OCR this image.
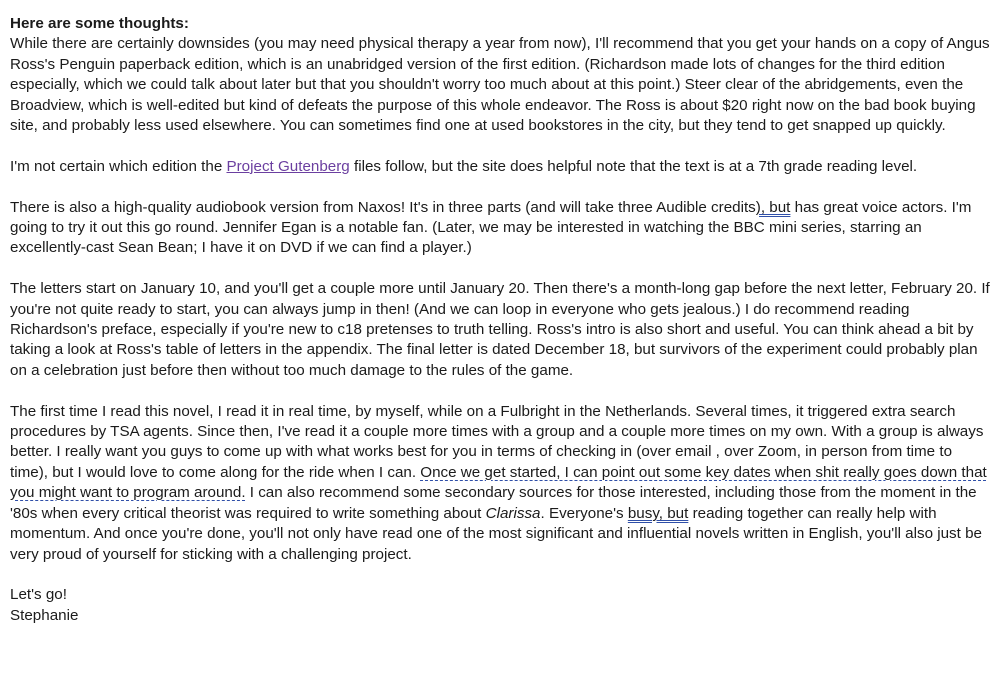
Here are some thoughts:
While there are certainly downsides (you may need physical therapy a year from now), I'll recommend that you get your hands on a copy of Angus Ross's Penguin paperback edition, which is an unabridged version of the first edition. (Richardson made lots of changes for the third edition especially, which we could talk about later but that you shouldn't worry too much about at this point.) Steer clear of the abridgements, even the Broadview, which is well-edited but kind of defeats the purpose of this whole endeavor. The Ross is about $20 right now on the bad book buying site, and probably less used elsewhere. You can sometimes find one at used bookstores in the city, but they tend to get snapped up quickly.

I'm not certain which edition the Project Gutenberg files follow, but the site does helpful note that the text is at a 7th grade reading level.

There is also a high-quality audiobook version from Naxos! It's in three parts (and will take three Audible credits), but has great voice actors. I'm going to try it out this go round. Jennifer Egan is a notable fan. (Later, we may be interested in watching the BBC mini series, starring an excellently-cast Sean Bean; I have it on DVD if we can find a player.)

The letters start on January 10, and you'll get a couple more until January 20. Then there's a month-long gap before the next letter, February 20. If you're not quite ready to start, you can always jump in then! (And we can loop in everyone who gets jealous.) I do recommend reading Richardson's preface, especially if you're new to c18 pretenses to truth telling. Ross's intro is also short and useful. You can think ahead a bit by taking a look at Ross's table of letters in the appendix. The final letter is dated December 18, but survivors of the experiment could probably plan on a celebration just before then without too much damage to the rules of the game.

The first time I read this novel, I read it in real time, by myself, while on a Fulbright in the Netherlands. Several times, it triggered extra search procedures by TSA agents. Since then, I've read it a couple more times with a group and a couple more times on my own. With a group is always better. I really want you guys to come up with what works best for you in terms of checking in (over email , over Zoom, in person from time to time), but I would love to come along for the ride when I can. Once we get started, I can point out some key dates when shit really goes down that you might want to program around. I can also recommend some secondary sources for those interested, including those from the moment in the '80s when every critical theorist was required to write something about Clarissa. Everyone's busy, but reading together can really help with momentum. And once you're done, you'll not only have read one of the most significant and influential novels written in English, you'll also just be very proud of yourself for sticking with a challenging project.

Let's go!

Stephanie
